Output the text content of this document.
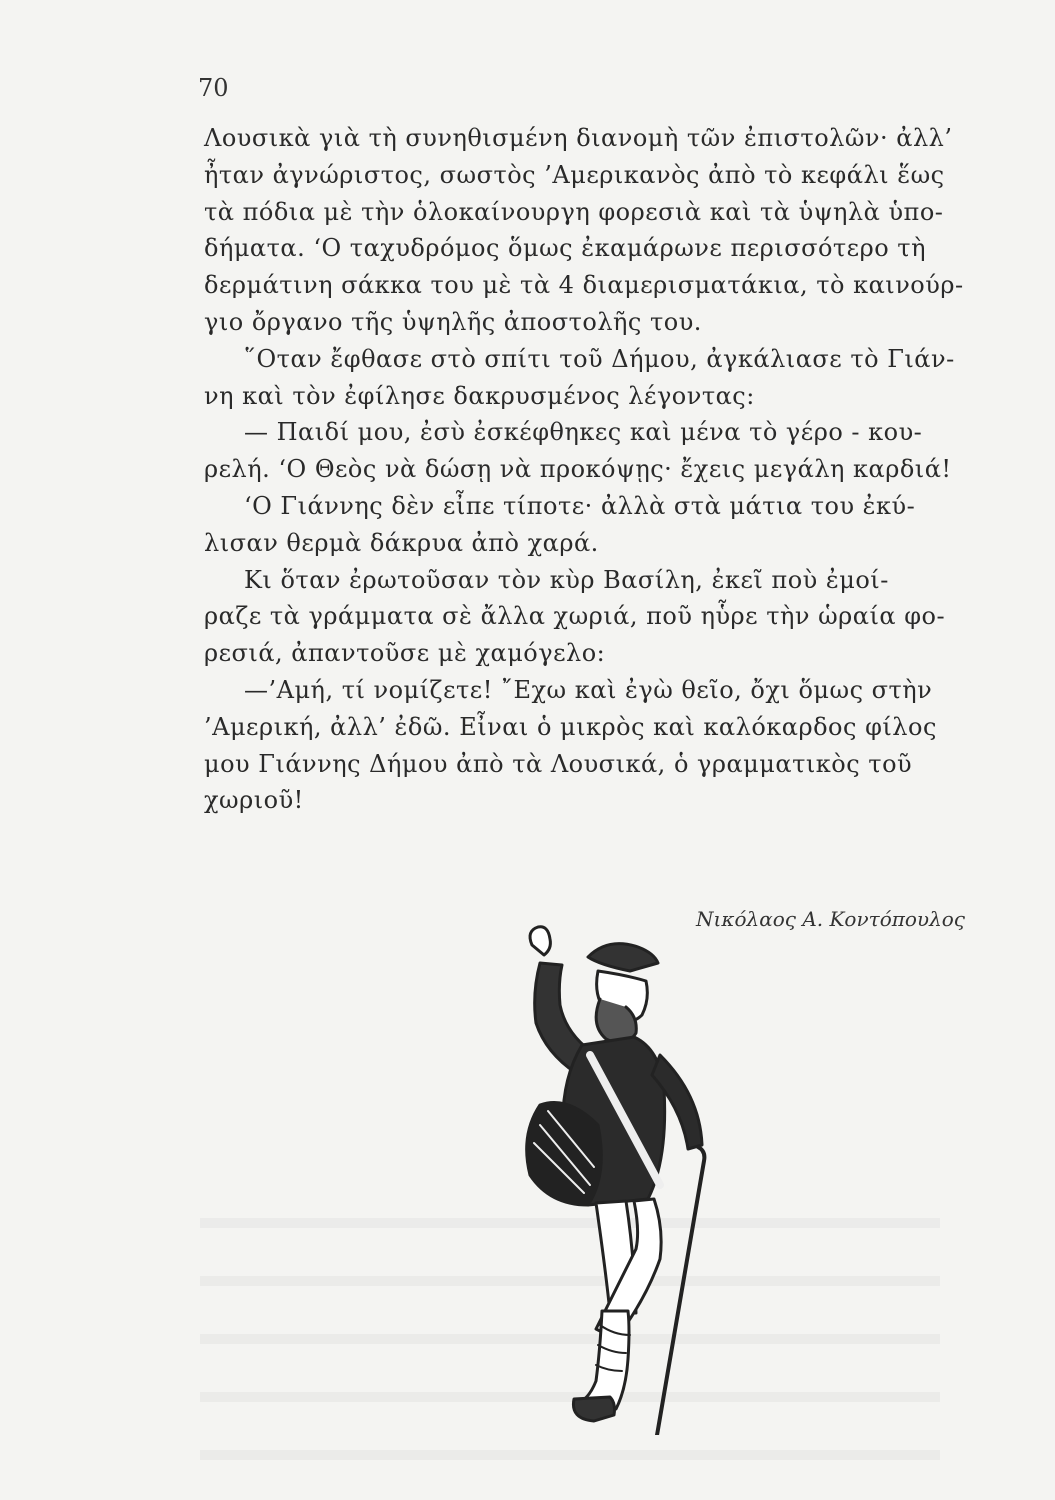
70
Λουσικὰ γιὰ τὴ συνηθισμένη διανομὴ τῶν ἐπιστολῶν· ἀλλ’
ἦταν ἀγνώριστος, σωστὸς ’Αμερικανὸς ἀπὸ τὸ κεφάλι ἕως
τὰ πόδια μὲ τὴν ὁλοκαίνουργη φορεσιὰ καὶ τὰ ὑψηλὰ ὑπο-
δήματα. ‘Ο ταχυδρόμος ὅμως ἐκαμάρωνε περισσότερο τὴ
δερμάτινη σάκκα του μὲ τὰ 4 διαμερισματάκια, τὸ καινούρ-
γιο ὄργανο τῆς ὑψηλῆς ἀποστολῆς του.
῞Οταν ἔφθασε στὸ σπίτι τοῦ Δήμου, ἀγκάλιασε τὸ Γιάν-
νη καὶ τὸν ἐφίλησε δακρυσμένος λέγοντας:
— Παιδί μου, ἐσὺ ἐσκέφθηκες καὶ μένα τὸ γέρο - κου-
ρελή. ‘Ο Θεὸς νὰ δώσῃ νὰ προκόψῃς· ἔχεις μεγάλη καρδιά!
‘Ο Γιάννης δὲν εἶπε τίποτε· ἀλλὰ στὰ μάτια του ἐκύ-
λισαν θερμὰ δάκρυα ἀπὸ χαρά.
Κι ὅταν ἐρωτοῦσαν τὸν κὺρ Βασίλη, ἐκεῖ ποὺ ἐμοί-
ραζε τὰ γράμματα σὲ ἄλλα χωριά, ποῦ ηὗρε τὴν ὡραία φο-
ρεσιά, ἀπαντοῦσε μὲ χαμόγελο:
—’Αμή, τί νομίζετε! ῎Εχω καὶ ἐγὼ θεῖο, ὄχι ὅμως στὴν
’Αμερική, ἀλλ’ ἐδῶ. Εἶναι ὁ μικρὸς καὶ καλόκαρδος φίλος
μου Γιάννης Δήμου ἀπὸ τὰ Λουσικά, ὁ γραμματικὸς τοῦ
χωριοῦ!
Νικόλαος Α. Κοντόπουλος
